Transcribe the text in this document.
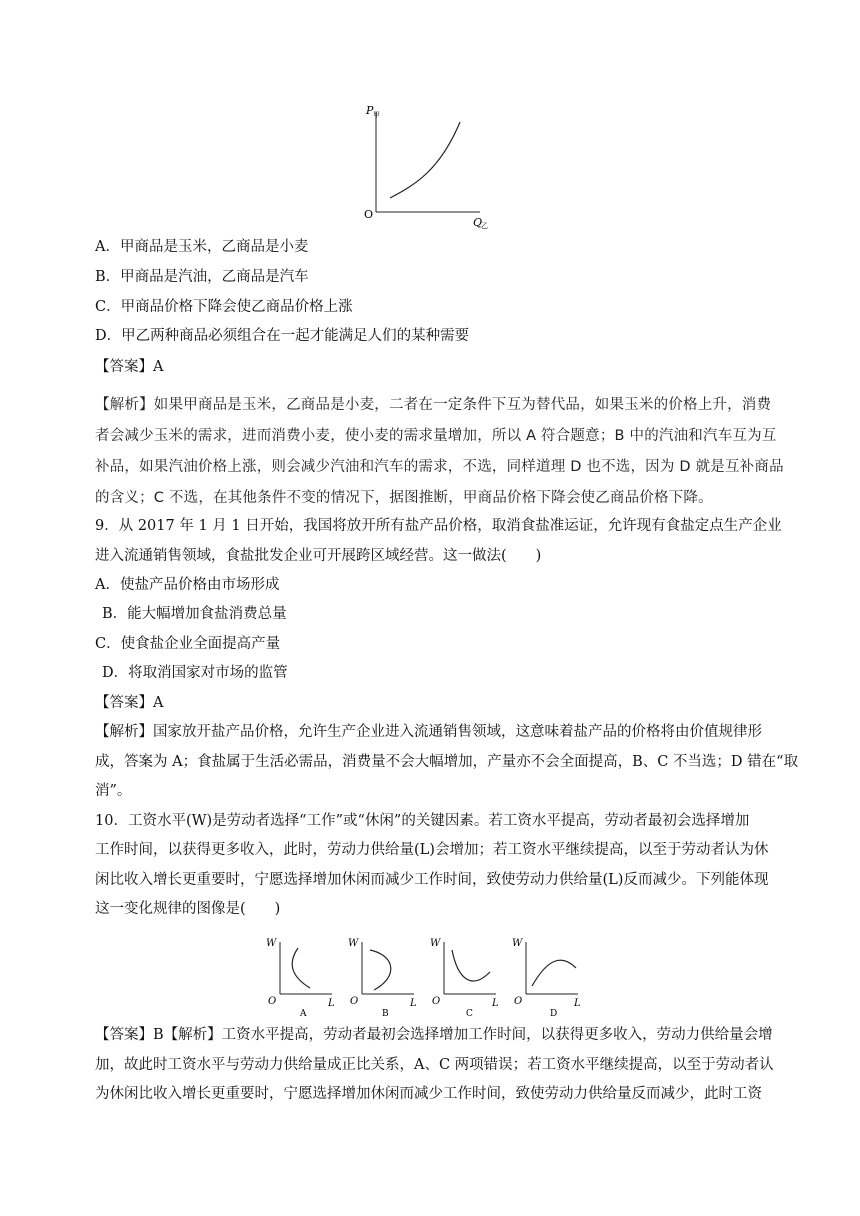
P 甲
O
Q
乙
A．甲商品是玉米，乙商品是小麦
B．甲商品是汽油，乙商品是汽车
C．甲商品价格下降会使乙商品价格上涨
D．甲乙两种商品必须组合在一起才能满足人们的某种需要
【答案】A
【解析】如果甲商品是玉米，乙商品是小麦，二者在一定条件下互为替代品，如果玉米的价格上升，消费
者会减少玉米的需求，进而消费小麦，使小麦的需求量增加，所以 A 符合题意；B 中的汽油和汽车互为互
补品，如果汽油价格上涨，则会减少汽油和汽车的需求，不选，同样道理 D 也不选，因为 D 就是互补商品
的含义；C 不选，在其他条件不变的情况下，据图推断，甲商品价格下降会使乙商品价格下降。
9．从 2017 年 1 月 1 日开始，我国将放开所有盐产品价格，取消食盐准运证，允许现有食盐定点生产企业
进入流通销售领域，食盐批发企业可开展跨区域经营。这一做法(　　)
A．使盐产品价格由市场形成
B．能大幅增加食盐消费总量
C．使食盐企业全面提高产量
D．将取消国家对市场的监管
【答案】A
【解析】国家放开盐产品价格，允许生产企业进入流通销售领域，这意味着盐产品的价格将由价值规律形
成，答案为 A；食盐属于生活必需品，消费量不会大幅增加，产量亦不会全面提高，B、C 不当选；D 错在“取
消”。
10．工资水平(W)是劳动者选择“工作”或“休闲”的关键因素。若工资水平提高，劳动者最初会选择增加
工作时间，以获得更多收入，此时，劳动力供给量(L)会增加；若工资水平继续提高，以至于劳动者认为休
闲比收入增长更重要时，宁愿选择增加休闲而减少工作时间，致使劳动力供给量(L)反而减少。下列能体现
这一变化规律的图像是(　　)
W
O	L
A
W
O	L
B
W
O	L
C
W
O	L
D
【答案】B【解析】工资水平提高，劳动者最初会选择增加工作时间，以获得更多收入，劳动力供给量会增
加，故此时工资水平与劳动力供给量成正比关系，A、C 两项错误；若工资水平继续提高，以至于劳动者认
为休闲比收入增长更重要时，宁愿选择增加休闲而减少工作时间，致使劳动力供给量反而减少，此时工资
